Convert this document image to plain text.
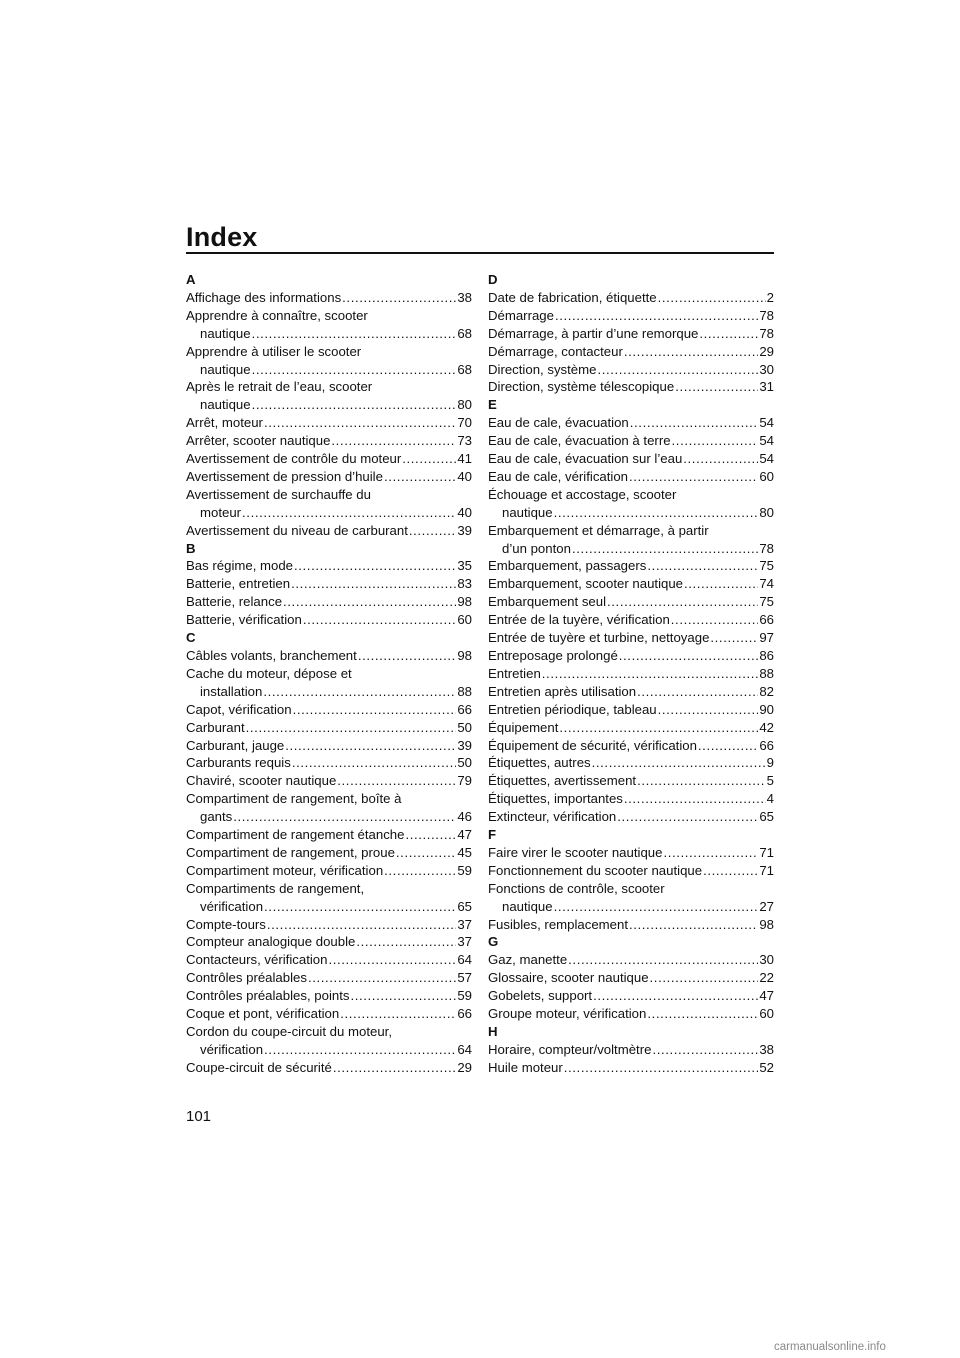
Index
A
Affichage des informations .....	38
Apprendre à connaître, scooter
nautique .....	68
Apprendre à utiliser le scooter
nautique .....	68
Après le retrait de l’eau, scooter
nautique .....	80
Arrêt, moteur .....	70
Arrêter, scooter nautique .....	73
Avertissement de contrôle du moteur .....	41
Avertissement de pression d’huile .....	40
Avertissement de surchauffe du
moteur .....	40
Avertissement du niveau de carburant .....	39
B
Bas régime, mode .....	35
Batterie, entretien .....	83
Batterie, relance .....	98
Batterie, vérification .....	60
C
Câbles volants, branchement .....	98
Cache du moteur, dépose et
installation .....	88
Capot, vérification .....	66
Carburant .....	50
Carburant, jauge .....	39
Carburants requis .....	50
Chaviré, scooter nautique .....	79
Compartiment de rangement, boîte à
gants .....	46
Compartiment de rangement étanche .....	47
Compartiment de rangement, proue .....	45
Compartiment moteur, vérification .....	59
Compartiments de rangement,
vérification .....	65
Compte-tours .....	37
Compteur analogique double .....	37
Contacteurs, vérification .....	64
Contrôles préalables .....	57
Contrôles préalables, points .....	59
Coque et pont, vérification .....	66
Cordon du coupe-circuit du moteur,
vérification .....	64
Coupe-circuit de sécurité .....	29
D
Date de fabrication, étiquette .....	2
Démarrage .....	78
Démarrage, à partir d’une remorque .....	78
Démarrage, contacteur .....	29
Direction, système .....	30
Direction, système télescopique .....	31
E
Eau de cale, évacuation .....	54
Eau de cale, évacuation à terre .....	54
Eau de cale, évacuation sur l’eau .....	54
Eau de cale, vérification .....	60
Échouage et accostage, scooter
nautique .....	80
Embarquement et démarrage, à partir
d’un ponton .....	78
Embarquement, passagers .....	75
Embarquement, scooter nautique .....	74
Embarquement seul .....	75
Entrée de la tuyère, vérification .....	66
Entrée de tuyère et turbine, nettoyage .....	97
Entreposage prolongé .....	86
Entretien .....	88
Entretien après utilisation .....	82
Entretien périodique, tableau .....	90
Équipement .....	42
Équipement de sécurité, vérification .....	66
Étiquettes, autres .....	9
Étiquettes, avertissement .....	5
Étiquettes, importantes .....	4
Extincteur, vérification .....	65
F
Faire virer le scooter nautique .....	71
Fonctionnement du scooter nautique .....	71
Fonctions de contrôle, scooter
nautique .....	27
Fusibles, remplacement .....	98
G
Gaz, manette .....	30
Glossaire, scooter nautique .....	22
Gobelets, support .....	47
Groupe moteur, vérification .....	60
H
Horaire, compteur/voltmètre .....	38
Huile moteur .....	52
101
carmanualsonline.info
